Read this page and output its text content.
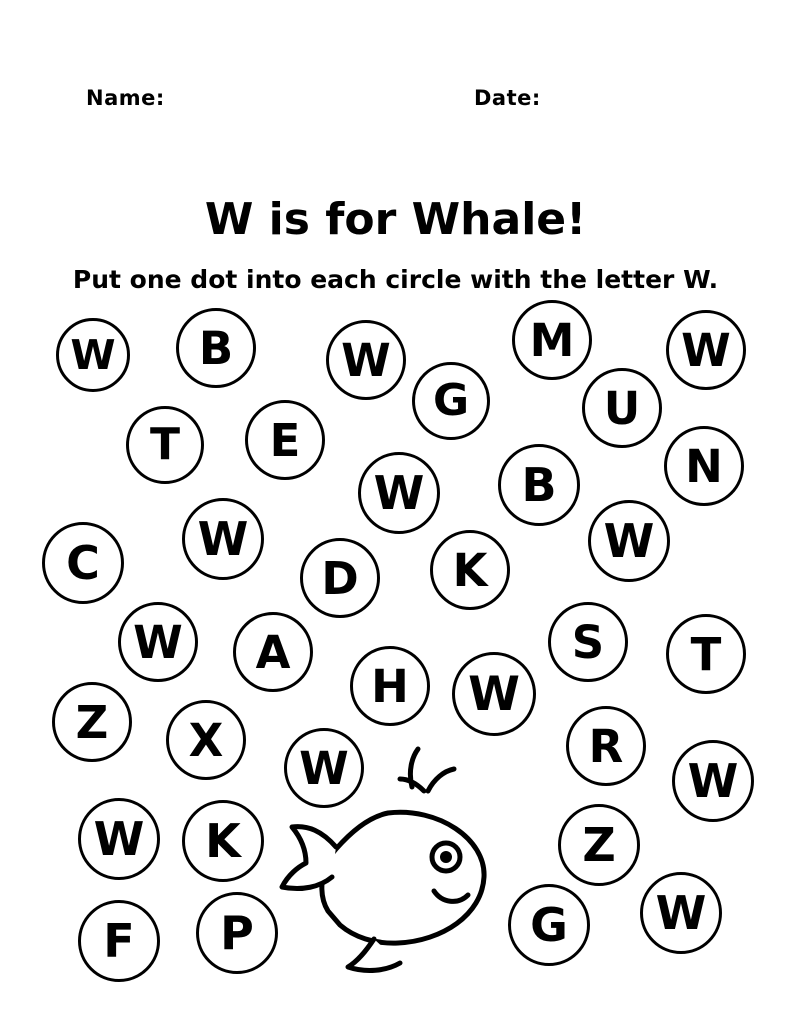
Name:	Date:
W is for Whale!

Put one dot into each circle with the letter W.

W	B	W	M	W
G	U
T	E	N
W	B
W	W
C	D	K
W	A	S	T
H	W
Z	X	R
W	W
W	K	Z
F	P	G	W
